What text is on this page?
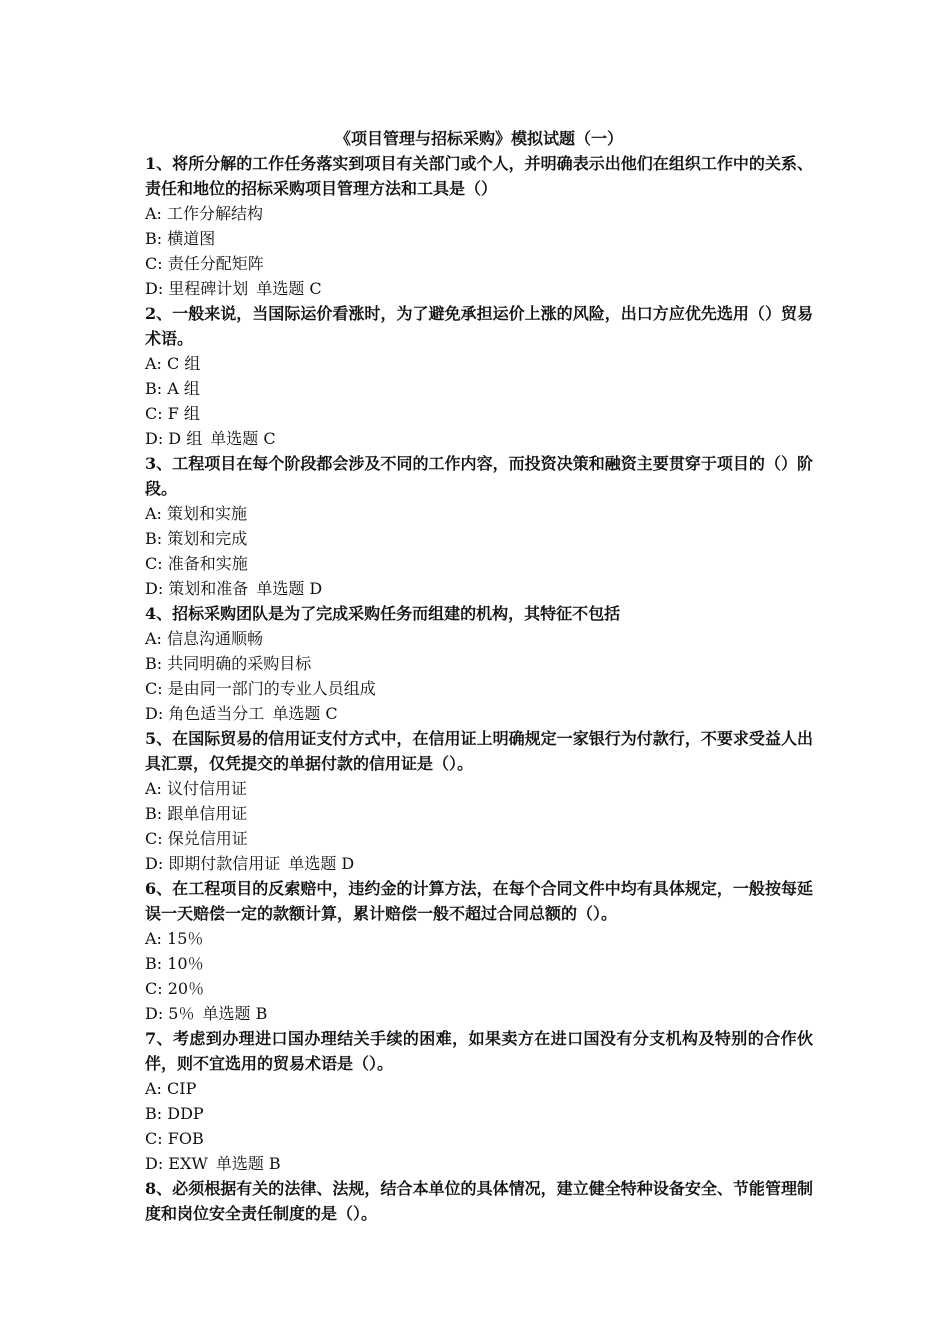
《项目管理与招标采购》模拟试题（一）
1、将所分解的工作任务落实到项目有关部门或个人，并明确表示出他们在组织工作中的关系、责任和地位的招标采购项目管理方法和工具是（）
A: 工作分解结构
B: 横道图
C: 责任分配矩阵
D: 里程碑计划 单选题 C
2、一般来说，当国际运价看涨时，为了避免承担运价上涨的风险，出口方应优先选用（）贸易术语。
A: C 组
B: A 组
C: F 组
D: D 组 单选题 C
3、工程项目在每个阶段都会涉及不同的工作内容，而投资决策和融资主要贯穿于项目的（）阶段。
A: 策划和实施
B: 策划和完成
C: 准备和实施
D: 策划和准备 单选题 D
4、招标采购团队是为了完成采购任务而组建的机构，其特征不包括
A: 信息沟通顺畅
B: 共同明确的采购目标
C: 是由同一部门的专业人员组成
D: 角色适当分工 单选题 C
5、在国际贸易的信用证支付方式中，在信用证上明确规定一家银行为付款行，不要求受益人出具汇票，仅凭提交的单据付款的信用证是（）。
A: 议付信用证
B: 跟单信用证
C: 保兑信用证
D: 即期付款信用证 单选题 D
6、在工程项目的反索赔中，违约金的计算方法，在每个合同文件中均有具体规定，一般按每延误一天赔偿一定的款额计算，累计赔偿一般不超过合同总额的（）。
A: 15％
B: 10％
C: 20％
D: 5％ 单选题 B
7、考虑到办理进口国办理结关手续的困难，如果卖方在进口国没有分支机构及特别的合作伙伴，则不宜选用的贸易术语是（）。
A: CIP
B: DDP
C: FOB
D: EXW 单选题 B
8、必须根据有关的法律、法规，结合本单位的具体情况，建立健全特种设备安全、节能管理制度和岗位安全责任制度的是（）。
